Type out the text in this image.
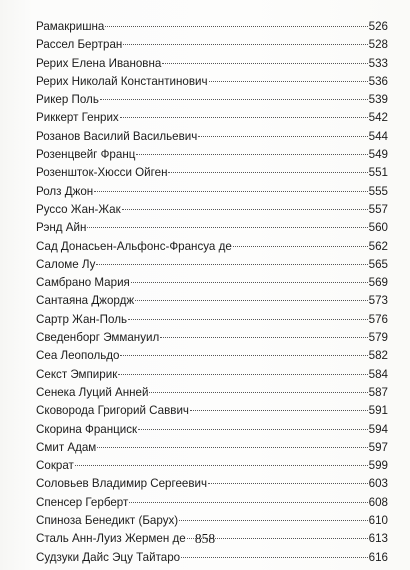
Рамакришна	526
Рассел Бертран	528
Рерих Елена Ивановна	533
Рерих Николай Константинович	536
Рикер Поль	539
Риккерт Генрих	542
Розанов Василий Васильевич	544
Розенцвейг Франц	549
Розеншток-Хюсси Ойген	551
Ролз Джон	555
Руссо Жан-Жак	557
Рэнд Айн	560
Сад Донасьен-Альфонс-Франсуа де	562
Саломе Лу	565
Самбрано Мария	569
Сантаяна Джордж	573
Сартр Жан-Поль	576
Сведенборг Эммануил	579
Сеа Леопольдо	582
Секст Эмпирик	584
Сенека Луций Анней	587
Сковорода Григорий Саввич	591
Скорина Франциск	594
Смит Адам	597
Сократ	599
Соловьев Владимир Сергеевич	603
Спенсер Герберт	608
Спиноза Бенедикт (Барух)	610
Сталь Анн-Луиз Жермен де	613
Судзуки Дайс Эцу Тайтаро	616
858
